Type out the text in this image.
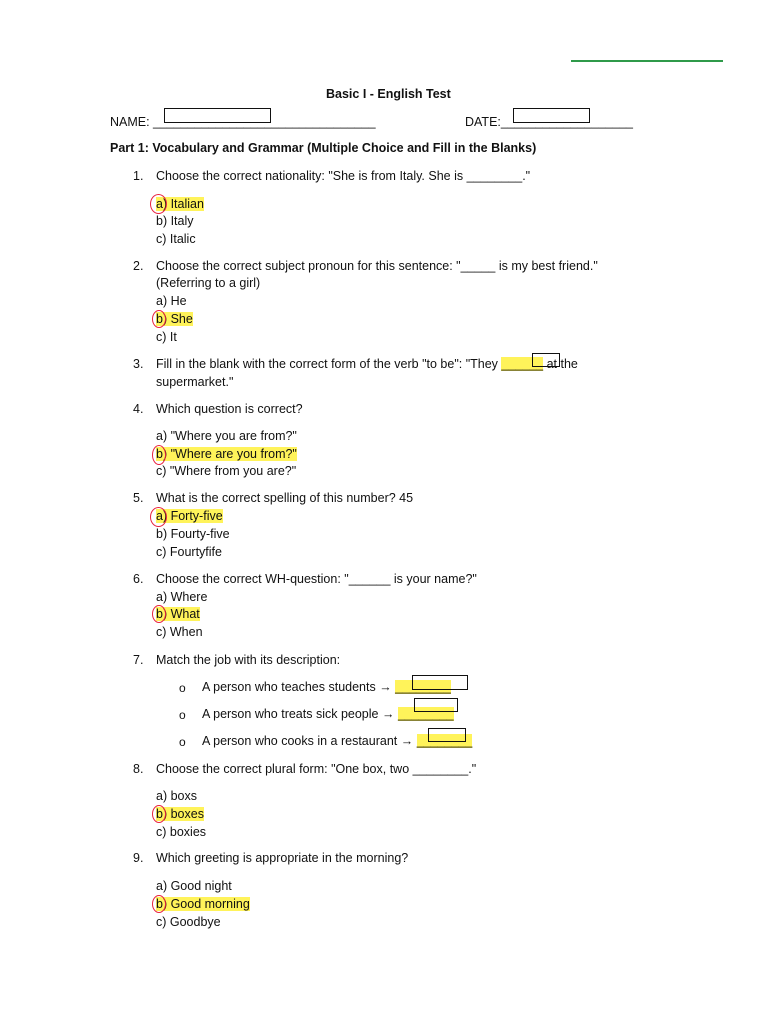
Basic I - English Test
NAME: ________________________________	DATE:___________________
Part 1: Vocabulary and Grammar (Multiple Choice and Fill in the Blanks)
1. Choose the correct nationality: "She is from Italy. She is ________."
a) Italian
b) Italy
c) Italic
2. Choose the correct subject pronoun for this sentence: "_____ is my best friend."
(Referring to a girl)
a) He
b) She
c) It
3. Fill in the blank with the correct form of the verb "to be": "They ______ at the
supermarket."
4. Which question is correct?
a) "Where you are from?"
b) "Where are you from?"
c) "Where from you are?"
5. What is the correct spelling of this number? 45
a) Forty-five
b) Fourty-five
c) Fourtyfife
6. Choose the correct WH-question: "______ is your name?"
a) Where
b) What
c) When
7. Match the job with its description:
o A person who teaches students → ________
o A person who treats sick people → ________
o A person who cooks in a restaurant → ________
8. Choose the correct plural form: "One box, two ________."
a) boxs
b) boxes
c) boxies
9. Which greeting is appropriate in the morning?
a) Good night
b) Good morning
c) Goodbye
